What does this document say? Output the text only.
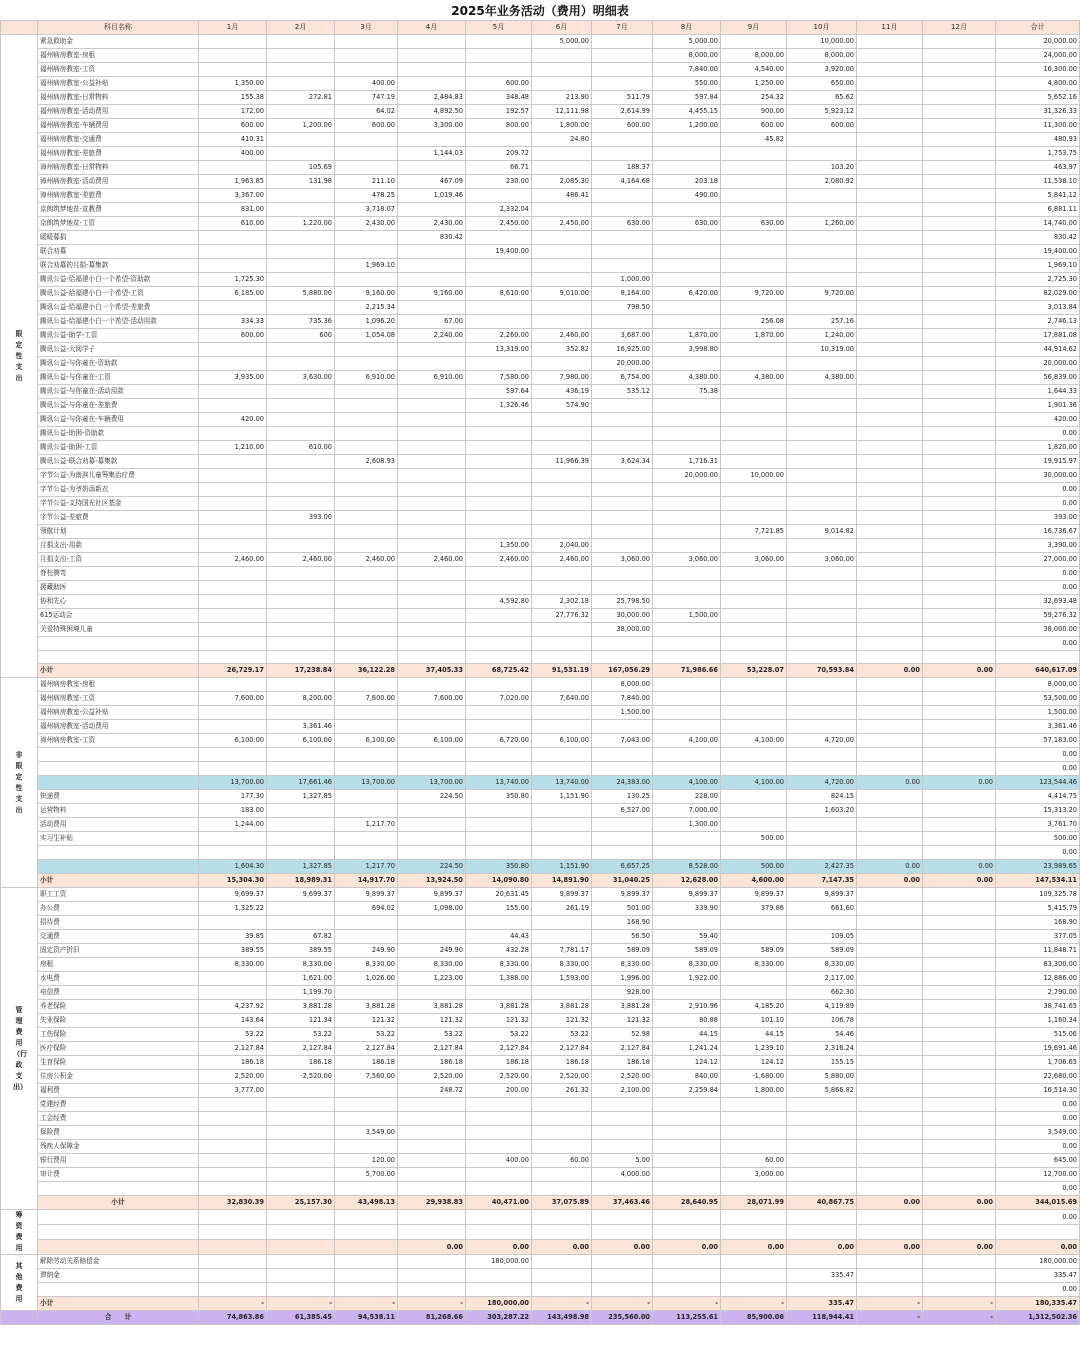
2025年业务活动（费用）明细表
	科目名称	1月	2月	3月	4月	5月	6月	7月	8月	9月	10月	11月	12月	合计
限定性支出	紧急救助金						5,000.00		5,000.00		10,000.00			20,000.00
	福州病房教室-房租								8,000.00	8,000.00	8,000.00			24,000.00
	福州病房教室-工资								7,840.00	4,540.00	3,920.00			16,300.00
	福州病房教室-公益补贴	1,350.00		400.00		600.00			550.00	1,250.00	650.00			4,800.00
	福州病房教室-日常物料	155.38	272.81	747.19	2,484.83	348.48	213.90	511.79	597.84	254.32	65.62			5,652.16
	福州病房教室-活动费用	172.00		64.02	4,892.50	192.57	12,111.98	2,614.99	4,455.15	900.00	5,923.12			31,326.33
	福州病房教室-车辆费用	600.00	1,200.00	600.00	3,300.00	800.00	1,800.00	600.00	1,200.00	600.00	600.00			11,300.00
	福州病房教室-交通费	410.31					24.80			45.82				480.93
	福州病房教室-差旅费	400.00			1,144.03	209.72								1,753.75
	漳州病房教室-日常物料		105.69			66.71		188.37			103.20			463.97
	漳州病房教室-活动费用	1,963.85	131.98	211.10	467.09	230.00	2,085.30	4,164.68	203.18		2,080.92			11,538.10
	漳州病房教室-差旅费	3,367.00		478.25	1,019.46		486.41		490.00					5,841.12
	京朗筑梦地贫-宣教费	831.00		3,718.07		2,332.04								6,881.11
	京朗筑梦地贫-工资	610.00	1,220.00	2,430.00	2,430.00	2,450.00	2,450.00	630.00	630.00	630.00	1,260.00			14,740.00
	暖暖募捐				830.42									830.42
	联合劝募					19,400.00								19,400.00
	联合劝募的月捐-募集款			1,969.10										1,969.10
	腾讯公益-给福建小白一个希望-资助款	1,725.30						1,000.00						2,725.30
	腾讯公益-给福建小白一个希望-工资	6,185.00	5,880.00	9,160.00	9,160.00	8,610.00	9,010.00	8,164.00	6,420.00	9,720.00	9,720.00			82,029.00
	腾讯公益-给福建小白一个希望-差旅费			2,215.34				798.50						3,013.84
	腾讯公益-给福建小白一个希望-活动用款	334.33	735.36	1,096.20	67.00					256.08	257.16			2,746.13
	腾讯公益-助学-工资	600.00	600	1,054.08	2,240.00	2,260.00	2,460.00	3,687.00	1,870.00	1,870.00	1,240.00			17,881.08
	腾讯公益-大阅学子					13,319.00	352.82	16,925.00	3,998.80		10,319.00			44,914.62
	腾讯公益-与你童在-资助款							20,000.00						20,000.00
	腾讯公益-与你童在-工资	3,935.00	3,630.00	6,910.00	6,910.00	7,580.00	7,980.00	6,754.00	4,380.00	4,380.00	4,380.00			56,839.00
	腾讯公益-与你童在-活动用款					597.64	436.19	535.12	75.38					1,644.33
	腾讯公益-与你童在-差旅费					1,326.46	574.90							1,901.36
	腾讯公益-与你童在-车辆费用	420.00												420.00
	腾讯公益-助困-资助款													0.00
	腾讯公益-助困-工资	1,210.00	610.00											1,820.00
	腾讯公益-联合劝募-募集款			2,608.93			11,966.39	3,624.34	1,716.31					19,915.97
	字节公益-为南滨儿童筹集治疗费								20,000.00	10,000.00				30,000.00
	字节公益-为爷奶添新衣													0.00
	字节公益-支持国光社区基金													0.00
	字节公益-差旅费		393.00											393.00
	领航计划									7,721.85	9,014.82			16,736.67
	月捐支出-用款					1,350.00	2,040.00							3,390.00
	月捐支出-工资	2,460.00	2,460.00	2,460.00	2,460.00	2,460.00	2,460.00	3,060.00	3,060.00	3,060.00	3,060.00			27,000.00
	脊柱侧弯													0.00
	援藏助医													0.00
	协和先心					4,592.80	2,302.18	25,798.50						32,693.48
	615运动会						27,776.32	30,000.00	1,500.00					59,276.32
	关爱特殊困境儿童							38,000.00						38,000.00
														0.00

	小计	26,729.17	17,238.84	36,122.28	37,405.33	68,725.42	91,531.19	167,056.29	71,986.66	53,228.07	70,593.84	0.00	0.00	640,617.09
非限定性支出	福州病房教室-房租							8,000.00						8,000.00
	福州病房教室-工资	7,600.00	8,200.00	7,600.00	7,600.00	7,020.00	7,640.00	7,840.00						53,500.00
	福州病房教室-公益补贴							1,500.00						1,500.00
	福州病房教室-活动费用		3,361.46											3,361.46
	漳州病房教室-工资	6,100.00	6,100.00	6,100.00	6,100.00	6,720.00	6,100.00	7,043.00	4,100.00	4,100.00	4,720.00			57,183.00
														0.00
														0.00
		13,700.00	17,661.46	13,700.00	13,700.00	13,740.00	13,740.00	24,383.00	4,100.00	4,100.00	4,720.00	0.00	0.00	123,544.46
	快递费	177.30	1,327.85		224.50	350.80	1,151.90	130.25	228.00		824.15			4,414.75
	运营物料	183.00						6,527.00	7,000.00		1,603.20			15,313.20
	活动费用	1,244.00		1,217.70					1,300.00					3,761.70
	实习生补贴									500.00				500.00
														0.00
		1,604.30	1,327.85	1,217.70	224.50	350.80	1,151.90	6,657.25	8,528.00	500.00	2,427.35	0.00	0.00	23,989.65
	小计	15,304.30	18,989.31	14,917.70	13,924.50	14,090.80	14,891.90	31,040.25	12,628.00	4,600.00	7,147.35	0.00	0.00	147,534.11
管理费用（行政支出）	职工工资	9,699.37	9,699.37	9,899.37	9,899.37	20,631.45	9,899.37	9,899.37	9,899.37	9,899.37	9,899.37			109,325.78
	办公费	1,325.22		694.02	1,098.00	155.00	261.19	501.00	339.90	379.86	661.60			5,415.79
	招待费							168.90						168.90
	交通费	39.85	67.82			44.43		56.50	59.40		109.05			377.05
	固定资产折旧	389.55	389.55	249.90	249.90	432.28	7,781.17	589.09	589.09	589.09	589.09			11,848.71
	房租	8,330.00	8,330.00	8,330.00	8,330.00	8,330.00	8,330.00	8,330.00	8,330.00	8,330.00	8,330.00			83,300.00
	水电费		1,621.00	1,026.00	1,223.00	1,388.00	1,593.00	1,996.00	1,922.00		2,117.00			12,886.00
	电信费		1,199.70					928.00			662.30			2,790.00
	养老保险	4,237.92	3,881.28	3,881.28	3,881.28	3,881.28	3,881.28	3,881.28	2,910.96	4,185.20	4,119.89			38,741.65
	失业保险	143.64	121.34	121.32	121.32	121.32	121.32	121.32	80.88	101.10	106.78			1,160.34
	工伤保险	53.22	53.22	53.22	53.22	53.22	53.22	52.98	44.15	44.15	54.46			515.06
	医疗保险	2,127.84	2,127.84	2,127.84	2,127.84	2,127.84	2,127.84	2,127.84	1,241.24	1,239.10	2,316.24			19,691.46
	生育保险	186.18	186.18	186.18	186.18	186.18	186.18	186.18	124.12	124.12	155.15			1,706.65
	住房公积金	2,520.00	-2,520.00	7,560.00	2,520.00	2,520.00	2,520.00	2,520.00	840.00	-1,680.00	5,880.00			22,680.00
	福利费	3,777.00			248.72	200.00	261.32	2,100.00	2,259.84	1,800.00	5,866.82			16,514.30
	党建经费													0.00
	工会经费													0.00
	保险费			3,549.00										3,549.00
	残疾人保障金													0.00
	银行费用			120.00		400.00	60.00	5.00		60.00				645.00
	审计费			5,700.00				4,000.00		3,000.00				12,700.00
														0.00
	小计	32,830.39	25,157.30	43,498.13	29,938.83	40,471.00	37,075.89	37,463.46	28,640.95	28,071.99	40,867.75	0.00	0.00	344,015.69
筹资费用														0.00

					0.00	0.00	0.00	0.00	0.00	0.00	0.00	0.00	0.00	0.00
其他费用	解除劳动关系赔偿金					180,000.00								180,000.00
	滞纳金										335.47			335.47
														0.00
	小计	-	-	-	-	180,000.00	-	-	-	-	335.47	-	-	180,335.47
	合　　计	74,863.86	61,385.45	94,538.11	81,268.66	303,287.22	143,498.98	235,560.00	113,255.61	85,900.06	118,944.41	-	-	1,312,502.36
